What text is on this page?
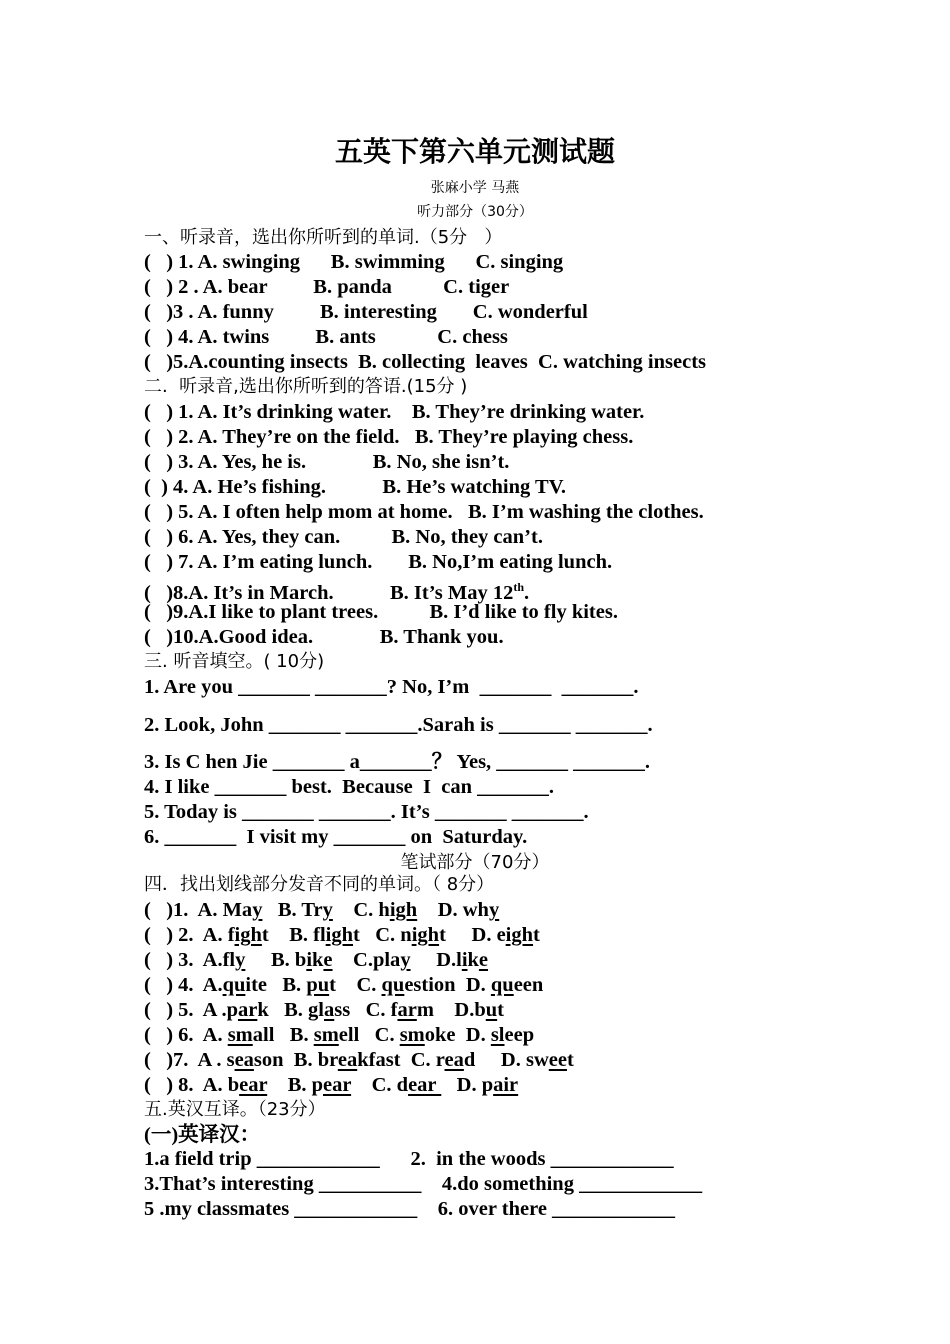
五英下第六单元测试题
张麻小学 马燕
听力部分（30分）
一、听录音，选出你所听到的单词.（5分   ）
(   ) 1. A. swinging      B. swimming      C. singing
(   ) 2 . A. bear         B. panda          C. tiger
(   )3 . A. funny         B. interesting       C. wonderful
(   ) 4. A. twins         B. ants            C. chess
(   )5.A.counting insects  B. collecting  leaves  C. watching insects
二.  听录音,选出你所听到的答语.(15分 )
(   ) 1. A. It’s drinking water.    B. They’re drinking water.
(   ) 2. A. They’re on the field.   B. They’re playing chess.
(   ) 3. A. Yes, he is.             B. No, she isn’t.
(  ) 4. A. He’s fishing.           B. He’s watching TV.
(   ) 5. A. I often help mom at home.   B. I’m washing the clothes.
(   ) 6. A. Yes, they can.          B. No, they can’t.
(   ) 7. A. I’m eating lunch.       B. No,I’m eating lunch.
(   )8.A. It’s in March.           B. It’s May 12th.
(   )9.A.I like to plant trees.          B. I’d like to fly kites.
(   )10.A.Good idea.             B. Thank you.
三. 听音填空。( 10分)
1. Are you _______ _______? No, I’m  _______  _______.
2. Look, John _______ _______.Sarah is _______ _______.
3. Is C hen Jie _______ a_______？ Yes, _______ _______.
4. I like _______ best.  Because  I  can _______.
5. Today is _______ _______. It’s _______ _______.
6. _______  I visit my _______ on  Saturday.
笔试部分（70分）
四．找出划线部分发音不同的单词。（ 8分）
(   )1.  A. May   B. Try    C. high    D. why
(   ) 2.  A. fight    B. flight   C. night     D. eight
(   ) 3.  A.fly     B. bike    C.play     D.like
(   ) 4.  A.quite   B. put    C. question  D. queen
(   ) 5.  A .park   B. glass   C. farm    D.but
(   ) 6.  A. small   B. smell   C. smoke  D. sleep
(   )7.  A . season  B. breakfast  C. read     D. sweet
(   ) 8.  A. bear    B. pear    C. dear    D. pair
五.英汉互译。（23分）
(一)英译汉：
1.a field trip ____________      2.  in the woods ____________
3.That’s interesting __________    4.do something ____________
5 .my classmates ____________    6. over there ____________
